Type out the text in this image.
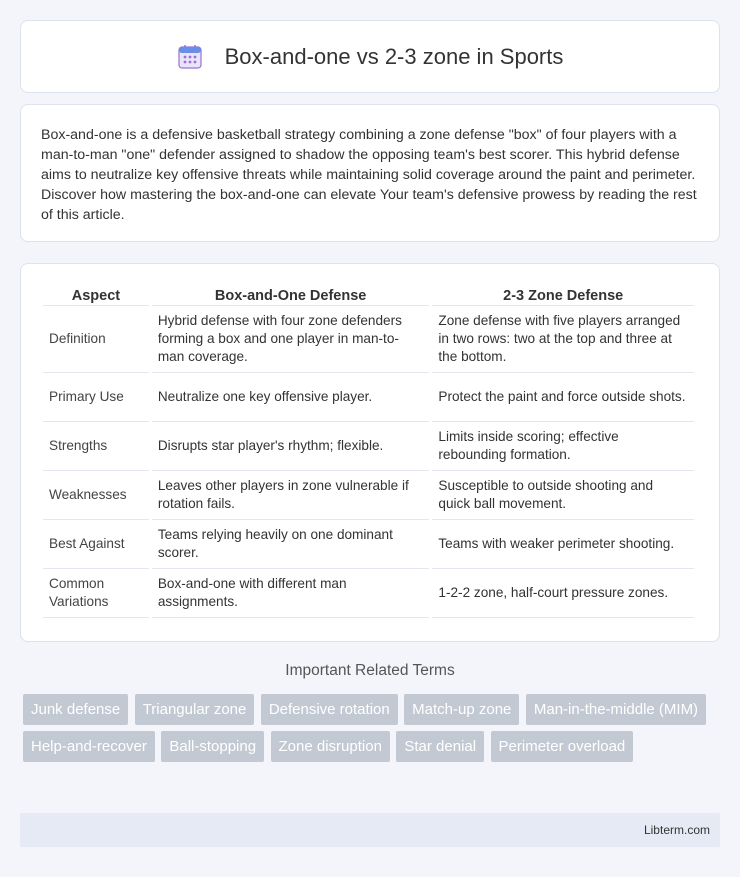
Box-and-one vs 2-3 zone in Sports

Box-and-one is a defensive basketball strategy combining a zone defense "box" of four players with a man-to-man "one" defender assigned to shadow the opposing team's best scorer. This hybrid defense aims to neutralize key offensive threats while maintaining solid coverage around the paint and perimeter. Discover how mastering the box-and-one can elevate Your team's defensive prowess by reading the rest of this article.

Aspect	Box-and-One Defense	2-3 Zone Defense
Definition	Hybrid defense with four zone defenders forming a box and one player in man-to-man coverage.	Zone defense with five players arranged in two rows: two at the top and three at the bottom.
Primary Use	Neutralize one key offensive player.	Protect the paint and force outside shots.
Strengths	Disrupts star player's rhythm; flexible.	Limits inside scoring; effective rebounding formation.
Weaknesses	Leaves other players in zone vulnerable if rotation fails.	Susceptible to outside shooting and quick ball movement.
Best Against	Teams relying heavily on one dominant scorer.	Teams with weaker perimeter shooting.
Common Variations	Box-and-one with different man assignments.	1-2-2 zone, half-court pressure zones.
Important Related Terms
Junk defense Triangular zone Defensive rotation Match-up zone Man-in-the-middle (MIM) Help-and-recover Ball-stopping Zone disruption Star denial Perimeter overload
Libterm.com
